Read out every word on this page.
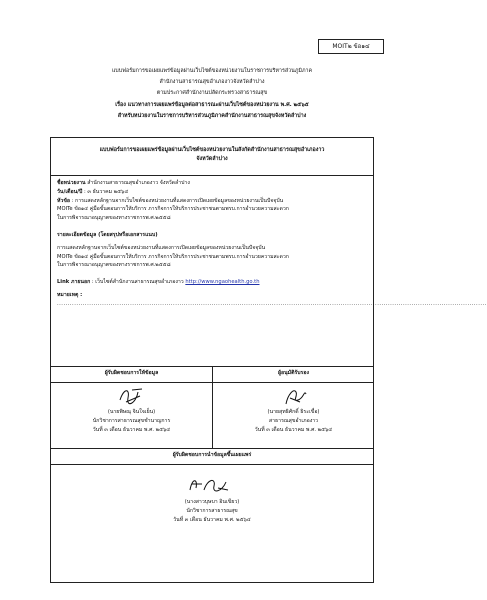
MOIT๒ ข้อ๑๔
แบบฟอร์มการขอเผยแพร่ข้อมูลผ่านเว็บไซต์ของหน่วยงานในราชการบริหารส่วนภูมิภาค
สำนักงานสาธารณสุขอำเภองาวจังหวัดลำปาง
ตามประกาศสำนักงานปลัดกระทรวงสาธารณสุข
เรื่อง แนวทางการเผยแพร่ข้อมูลต่อสาธารณะผ่านเว็บไซต์ของหน่วยงาน พ.ศ. ๒๕๖๕
สำหรับหน่วยงานในราชการบริหารส่วนภูมิภาคสำนักงานสาธารณสุขจังหวัดลำปาง
แบบฟอร์มการขอเผยแพร่ข้อมูลผ่านเว็บไซต์ของหน่วยงานในสังกัดสำนักงานสาธารณสุขอำเภองาว
จังหวัดลำปาง
ชื่อหน่วยงาน สำนักงานสาธารณสุขอำเภองาว จังหวัดลำปาง
วัน/เดือน/ปี : ๓ ธันวาคม ๒๕๖๔
หัวข้อ : การแสดงหลักฐานจากเว็บไซต์ของหน่วยงานที่แสดงการเปิดเผยข้อมูลของหน่วยงานเป็นปัจจุบัน
MOITe ข้อ๑๔ คู่มือขั้นตอนการให้บริการ ภารกิจการให้บริการประชาชนตามพรบ.การอำนวยความสะดวก
ในการพิจารณาอนุญาตของทางราชการพ.ศ.๒๕๕๘
รายละเอียดข้อมูล (โดยสรุปหรือเอกสารแนบ)
การแสดงหลักฐานจากเว็บไซต์ของหน่วยงานที่แสดงการเปิดเผยข้อมูลของหน่วยงานเป็นปัจจุบัน
MOITe ข้อ๑๔ คู่มือขั้นตอนการให้บริการ ภารกิจการให้บริการประชาชนตามพรบ.การอำนวยความสะดวก
ในการพิจารณาอนุญาตของทางราชการพ.ศ.๒๕๕๘
Link ภายนอก : เว็บไซต์สำนักงานสาธารณสุขอำเภองาว http://www.ngaohealth.go.th
หมายเหตุ :
........................................................................................................................................................................................................
ผู้รับผิดชอบการให้ข้อมูล
(นายพิษณุ จินใจเย็น)
นักวิชาการสาธารณสุขชำนาญการ
วันที่ ๓ เดือน ธันวาคม พ.ศ. ๒๕๖๔
ผู้อนุมัติรับรอง
(นายสุทธิศักดิ์ ธิระเขื่อ)
สาธารณสุขอำเภองาว
วันที่ ๓ เดือน ธันวาคม พ.ศ. ๒๕๖๔
ผู้รับผิดชอบการนำข้อมูลขึ้นเผยแพร่
(นางสาวบุษบา อินเขียว)
นักวิชาการสาธารณสุข
วันที่ ๓ เดือน ธันวาคม พ.ศ. ๒๕๖๔
